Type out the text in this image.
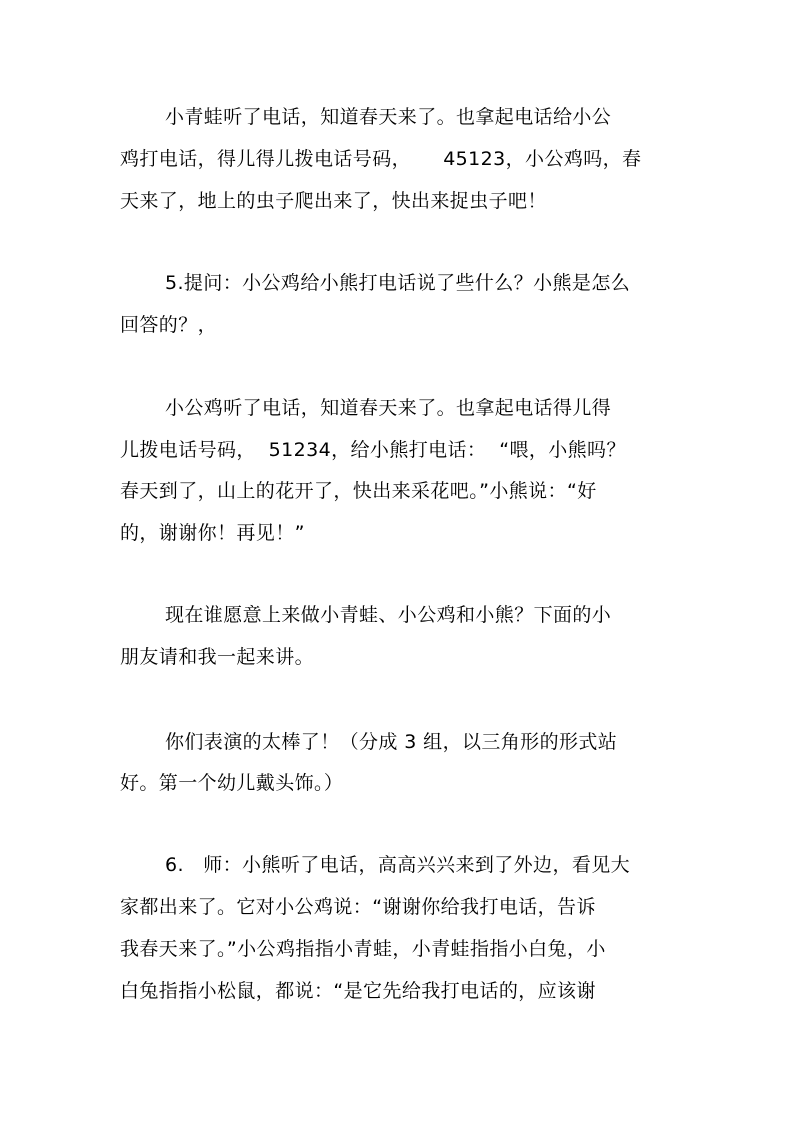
小青蛙听了电话，知道春天来了。也拿起电话给小公
鸡打电话，得儿得儿拨电话号码，     45123，小公鸡吗，春
天来了，地上的虫子爬出来了，快出来捉虫子吧！
5.提问：小公鸡给小熊打电话说了些什么？小熊是怎么
回答的？，
小公鸡听了电话，知道春天来了。也拿起电话得儿得
儿拨电话号码，  51234，给小熊打电话：  “喂，小熊吗？
春天到了，山上的花开了，快出来采花吧。”小熊说：“好
的，谢谢你！再见！”
现在谁愿意上来做小青蛙、小公鸡和小熊？下面的小
朋友请和我一起来讲。
你们表演的太棒了！（分成 3 组，以三角形的形式站
好。第一个幼儿戴头饰。）
6.   师：小熊听了电话，高高兴兴来到了外边，看见大
家都出来了。它对小公鸡说：“谢谢你给我打电话，告诉
我春天来了。”小公鸡指指小青蛙，小青蛙指指小白兔，小
白兔指指小松鼠，都说：“是它先给我打电话的，应该谢
